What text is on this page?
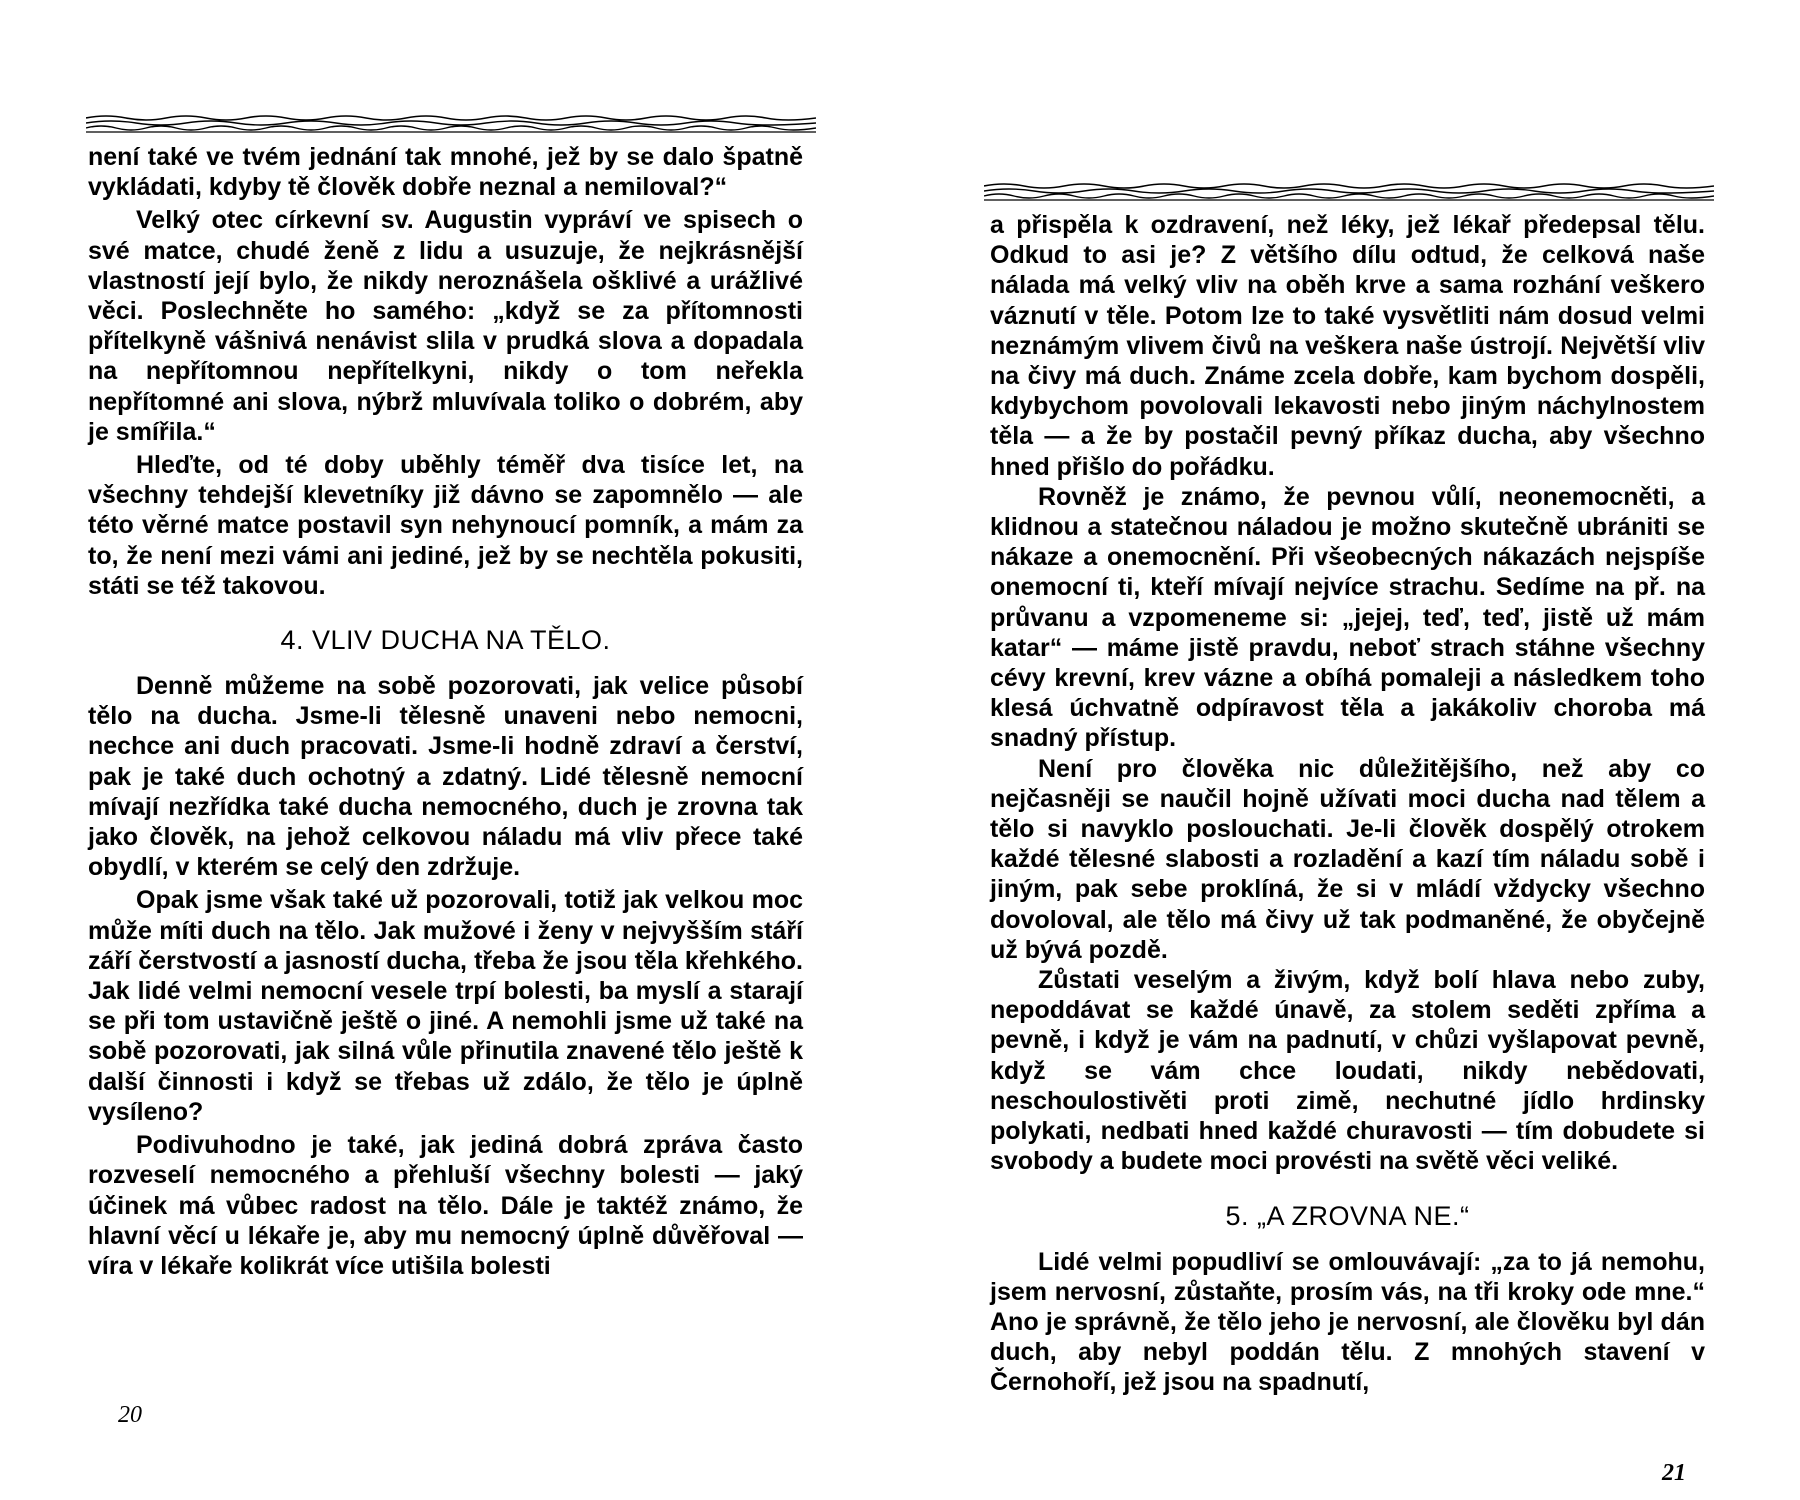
není také ve tvém jednání tak mnohé, jež by se dalo špatně vykládati, kdyby tě člověk dobře neznal a nemiloval?“

Velký otec církevní sv. Augustin vypráví ve spisech o své matce, chudé ženě z lidu a usuzuje, že nejkrásnější vlastností její bylo, že nikdy neroznášela ošklivé a urážlivé věci. Poslechněte ho samého: „když se za přítomnosti přítelkyně vášnivá nenávist slila v prudká slova a dopadala na nepřítomnou nepřítelkyni, nikdy o tom neřekla nepřítomné ani slova, nýbrž mluvívala toliko o dobrém, aby je smířila.“

Hleďte, od té doby uběhly téměř dva tisíce let, na všechny tehdejší klevetníky již dávno se zapomnělo — ale této věrné matce postavil syn nehynoucí pomník, a mám za to, že není mezi vámi ani jediné, jež by se nechtěla pokusiti, státi se též takovou.

4. VLIV DUCHA NA TĚLO.

Denně můžeme na sobě pozorovati, jak velice působí tělo na ducha. Jsme-li tělesně unaveni nebo nemocni, nechce ani duch pracovati. Jsme-li hodně zdraví a čerství, pak je také duch ochotný a zdatný. Lidé tělesně nemocní mívají nezřídka také ducha nemocného, duch je zrovna tak jako člověk, na jehož celkovou náladu má vliv přece také obydlí, v kterém se celý den zdržuje.

Opak jsme však také už pozorovali, totiž jak velkou moc může míti duch na tělo. Jak mužové i ženy v nejvyšším stáří září čerstvostí a jasností ducha, třeba že jsou těla křehkého. Jak lidé velmi nemocní vesele trpí bolesti, ba myslí a starají se při tom ustavičně ještě o jiné. A nemohli jsme už také na sobě pozorovati, jak silná vůle přinutila znavené tělo ještě k další činnosti i když se třebas už zdálo, že tělo je úplně vysíleno?

Podivuhodno je také, jak jediná dobrá zpráva často rozveselí nemocného a přehluší všechny bolesti — jaký účinek má vůbec radost na tělo. Dále je taktéž známo, že hlavní věcí u lékaře je, aby mu nemocný úplně důvěřoval — víra v lékaře kolikrát více utišila bolesti

20

a přispěla k ozdravení, než léky, jež lékař předepsal tělu. Odkud to asi je? Z většího dílu odtud, že celková naše nálada má velký vliv na oběh krve a sama rozhání veškero váznutí v těle. Potom lze to také vysvětliti nám dosud velmi neznámým vlivem čivů na veškera naše ústrojí. Největší vliv na čivy má duch. Známe zcela dobře, kam bychom dospěli, kdybychom povolovali lekavosti nebo jiným náchylnostem těla — a že by postačil pevný příkaz ducha, aby všechno hned přišlo do pořádku.

Rovněž je známo, že pevnou vůlí, neonemocněti, a klidnou a statečnou náladou je možno skutečně ubrániti se nákaze a onemocnění. Při všeobecných nákazách nejspíše onemocní ti, kteří mívají nejvíce strachu. Sedíme na př. na průvanu a vzpomeneme si: „jejej, teď, teď, jistě už mám katar“ — máme jistě pravdu, neboť strach stáhne všechny cévy krevní, krev vázne a obíhá pomaleji a následkem toho klesá úchvatně odpíravost těla a jakákoliv choroba má snadný přístup.

Není pro člověka nic důležitějšího, než aby co nejčasněji se naučil hojně užívati moci ducha nad tělem a tělo si navyklo poslouchati. Je-li člověk dospělý otrokem každé tělesné slabosti a rozladění a kazí tím náladu sobě i jiným, pak sebe proklíná, že si v mládí vždycky všechno dovoloval, ale tělo má čivy už tak podmaněné, že obyčejně už bývá pozdě.

Zůstati veselým a živým, když bolí hlava nebo zuby, nepoddávat se každé únavě, za stolem seděti zpříma a pevně, i když je vám na padnutí, v chůzi vyšlapovat pevně, když se vám chce loudati, nikdy nebědovati, neschoulostivěti proti zimě, nechutné jídlo hrdinsky polykati, nedbati hned každé churavosti — tím dobudete si svobody a budete moci provésti na světě věci veliké.

5. „A ZROVNA NE.“

Lidé velmi popudliví se omlouvávají: „za to já nemohu, jsem nervosní, zůstaňte, prosím vás, na tři kroky ode mne.“ Ano je správně, že tělo jeho je nervosní, ale člověku byl dán duch, aby nebyl poddán tělu. Z mnohých stavení v Černohoří, jež jsou na spadnutí,

21
